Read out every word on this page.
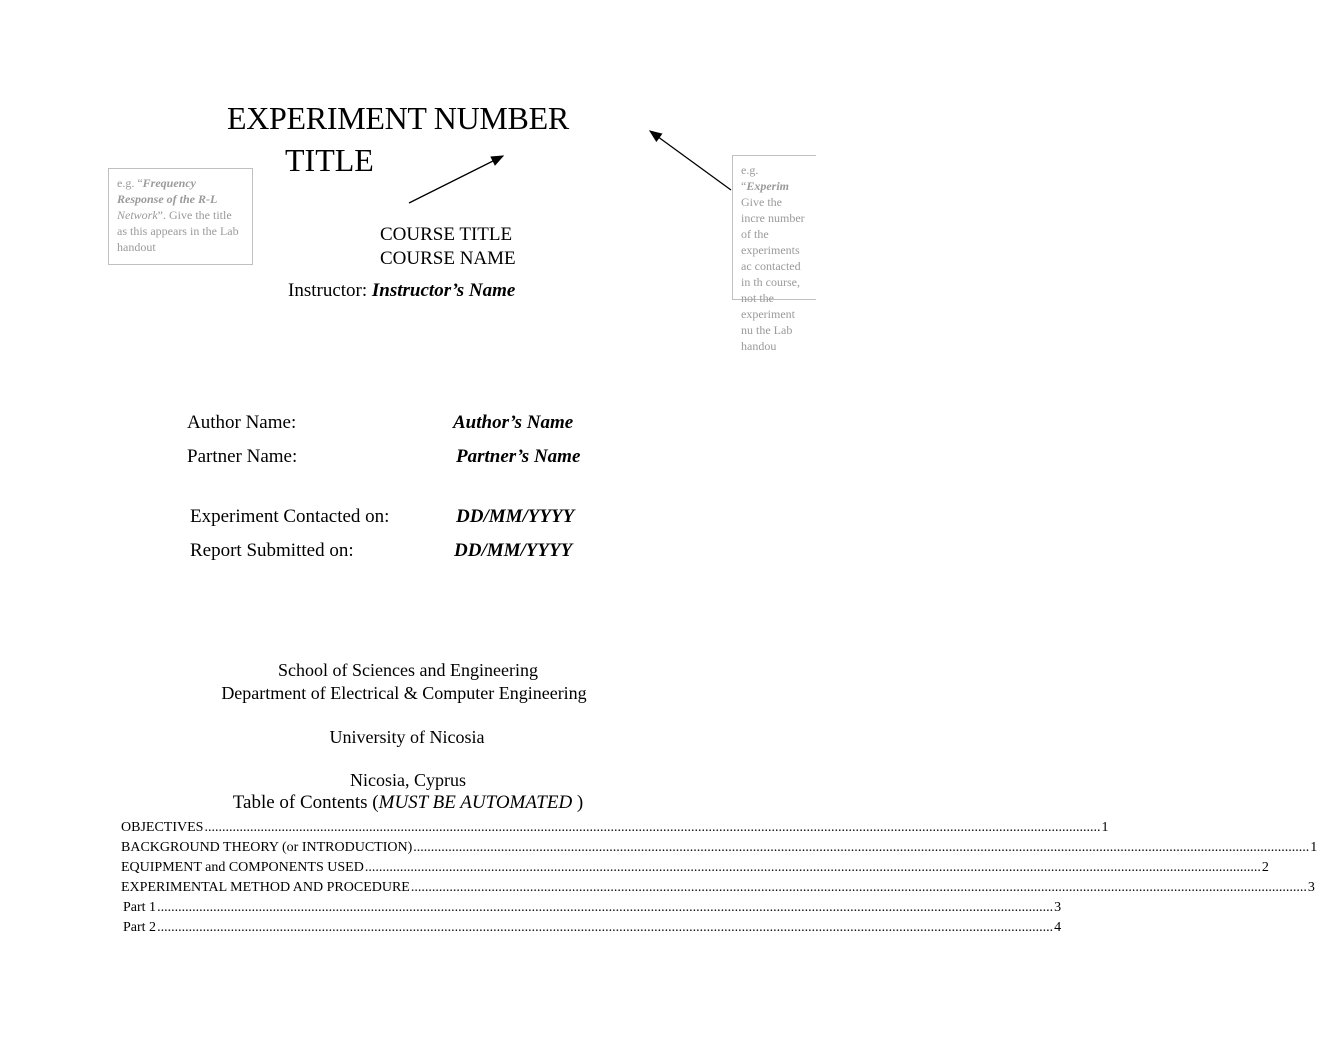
EXPERIMENT NUMBER
TITLE
e.g. “Frequency Response of the R-L Network”. Give the title as this appears in the Lab handout
e.g. “Experim Give the incre number of the experiments ac contacted in th course, not the experiment nu the Lab handou
COURSE TITLE
COURSE NAME
Instructor: Instructor’s Name
Author Name:	Author’s Name
Partner Name:	Partner’s Name
Experiment Contacted on:	DD/MM/YYYY
Report Submitted on:	DD/MM/YYYY
School of Sciences and Engineering
Department of Electrical & Computer Engineering
University of Nicosia
Nicosia, Cyprus
Table of Contents (MUST BE AUTOMATED )
OBJECTIVES .....	1
BACKGROUND THEORY (or INTRODUCTION) .....	1
EQUIPMENT and COMPONENTS USED .....	2
EXPERIMENTAL METHOD AND PROCEDURE .....	3
Part 1 .....	3
Part 2 .....	4
